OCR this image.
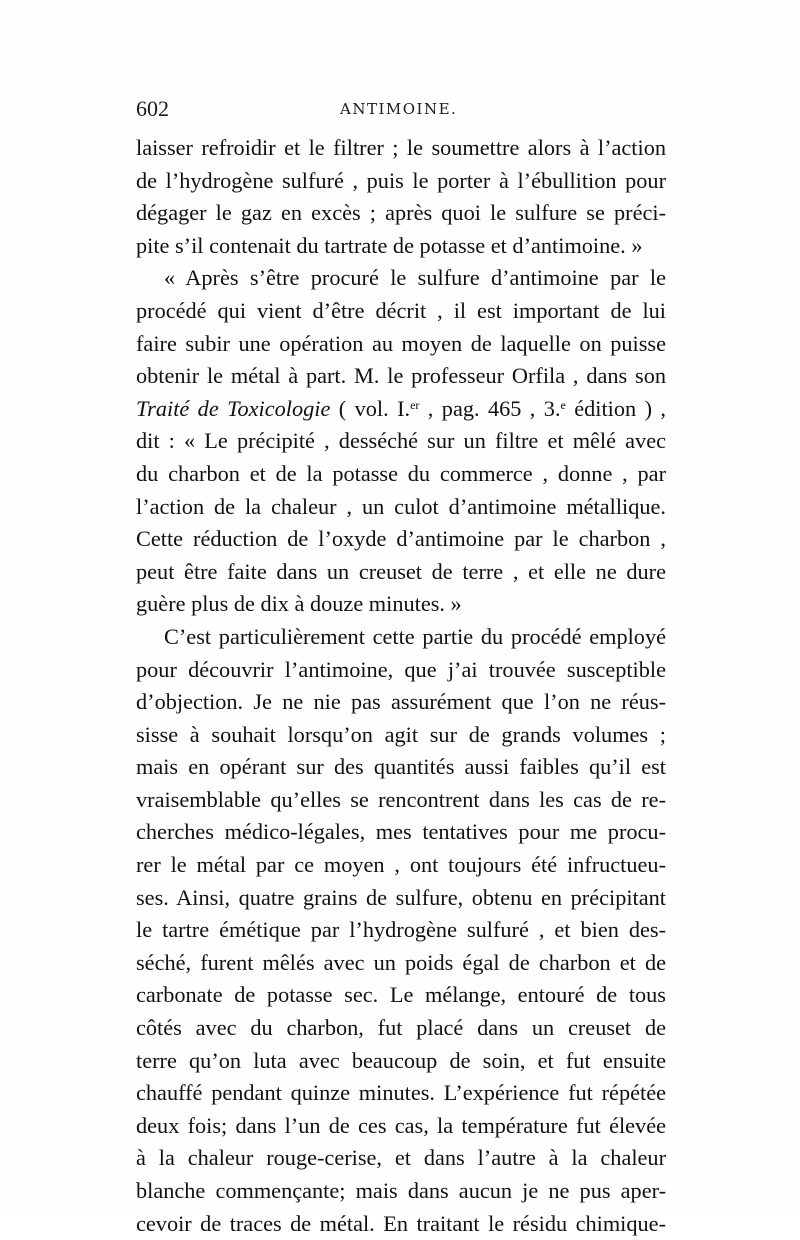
602	ANTIMOINE.
laisser refroidir et le filtrer ; le soumettre alors à l’action
de l’hydrogène sulfuré , puis le porter à l’ébullition pour
dégager le gaz en excès ; après quoi le sulfure se préci-
pite s’il contenait du tartrate de potasse et d’antimoine. »
« Après s’être procuré le sulfure d’antimoine par le
procédé qui vient d’être décrit , il est important de lui
faire subir une opération au moyen de laquelle on puisse
obtenir le métal à part. M. le professeur Orfila , dans son
Traité de Toxicologie ( vol. I.$^{er}$ , pag. 465 , 3.$^e$ édition ) ,
dit : « Le précipité , desséché sur un filtre et mêlé avec
du charbon et de la potasse du commerce , donne , par
l’action de la chaleur , un culot d’antimoine métallique.
Cette réduction de l’oxyde d’antimoine par le charbon ,
peut être faite dans un creuset de terre , et elle ne dure
guère plus de dix à douze minutes. »
C’est particulièrement cette partie du procédé employé
pour découvrir l’antimoine, que j’ai trouvée susceptible
d’objection. Je ne nie pas assurément que l’on ne réus-
sisse à souhait lorsqu’on agit sur de grands volumes ;
mais en opérant sur des quantités aussi faibles qu’il est
vraisemblable qu’elles se rencontrent dans les cas de re-
cherches médico-légales, mes tentatives pour me procu-
rer le métal par ce moyen , ont toujours été infructueu-
ses. Ainsi, quatre grains de sulfure, obtenu en précipitant
le tartre émétique par l’hydrogène sulfuré , et bien des-
séché, furent mêlés avec un poids égal de charbon et de
carbonate de potasse sec. Le mélange, entouré de tous
côtés avec du charbon, fut placé dans un creuset de
terre qu’on luta avec beaucoup de soin, et fut ensuite
chauffé pendant quinze minutes. L’expérience fut répétée
deux fois; dans l’un de ces cas, la température fut élevée
à la chaleur rouge-cerise, et dans l’autre à la chaleur
blanche commençante; mais dans aucun je ne pus aper-
cevoir de traces de métal. En traitant le résidu chimique-
